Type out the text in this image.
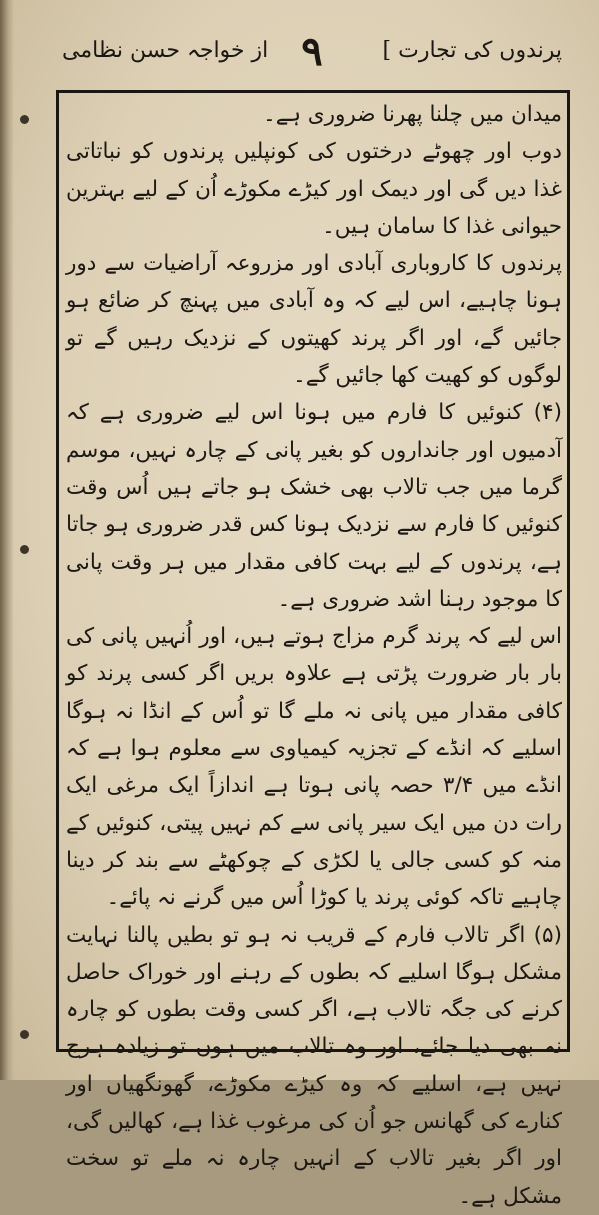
پرندوں کی تجارت ]
۹
از خواجہ حسن نظامی

میدان میں چلنا پھرنا ضروری ہے۔

دوب اور چھوٹے درختوں کی کونپلیں پرندوں کو نباتاتی غذا دیں گی اور دیمک اور کیڑے مکوڑے اُن کے لیے بہترین حیوانی غذا کا سامان ہیں۔

پرندوں کا کاروباری آبادی اور مزروعہ آراضیات سے دور ہونا چاہیے، اس لیے کہ وہ آبادی میں پہنچ کر ضائع ہو جائیں گے، اور اگر پرند کھیتوں کے نزدیک رہیں گے تو لوگوں کو کھیت کھا جائیں گے۔

(۴) کنوئیں کا فارم میں ہونا اس لیے ضروری ہے کہ آدمیوں اور جانداروں کو بغیر پانی کے چارہ نہیں، موسم گرما میں جب تالاب بھی خشک ہو جاتے ہیں اُس وقت کنوئیں کا فارم سے نزدیک ہونا کس قدر ضروری ہو جاتا ہے، پرندوں کے لیے بہت کافی مقدار میں ہر وقت پانی کا موجود رہنا اشد ضروری ہے۔

اس لیے کہ پرند گرم مزاج ہوتے ہیں، اور اُنہیں پانی کی بار بار ضرورت پڑتی ہے علاوہ بریں اگر کسی پرند کو کافی مقدار میں پانی نہ ملے گا تو اُس کے انڈا نہ ہوگا اسلیے کہ انڈے کے تجزیہ کیمیاوی سے معلوم ہوا ہے کہ انڈے میں ۳/۴ حصہ پانی ہوتا ہے اندازاً ایک مرغی ایک رات دن میں ایک سیر پانی سے کم نہیں پیتی، کنوئیں کے منہ کو کسی جالی یا لکڑی کے چوکھٹے سے بند کر دینا چاہیے تاکہ کوئی پرند یا کوڑا اُس میں گرنے نہ پائے۔

(۵) اگر تالاب فارم کے قریب نہ ہو تو بطیں پالنا نہایت مشکل ہوگا اسلیے کہ بطوں کے رہنے اور خوراک حاصل کرنے کی جگہ تالاب ہے، اگر کسی وقت بطوں کو چارہ نہ بھی دیا جائے، اور وہ تالاب میں ہوں تو زیادہ ہرج نہیں ہے، اسلیے کہ وہ کیڑے مکوڑے، گھونگھیاں اور کنارے کی گھانس جو اُن کی مرغوب غذا ہے، کھالیں گی، اور اگر بغیر تالاب کے انہیں چارہ نہ ملے تو سخت مشکل ہے۔
